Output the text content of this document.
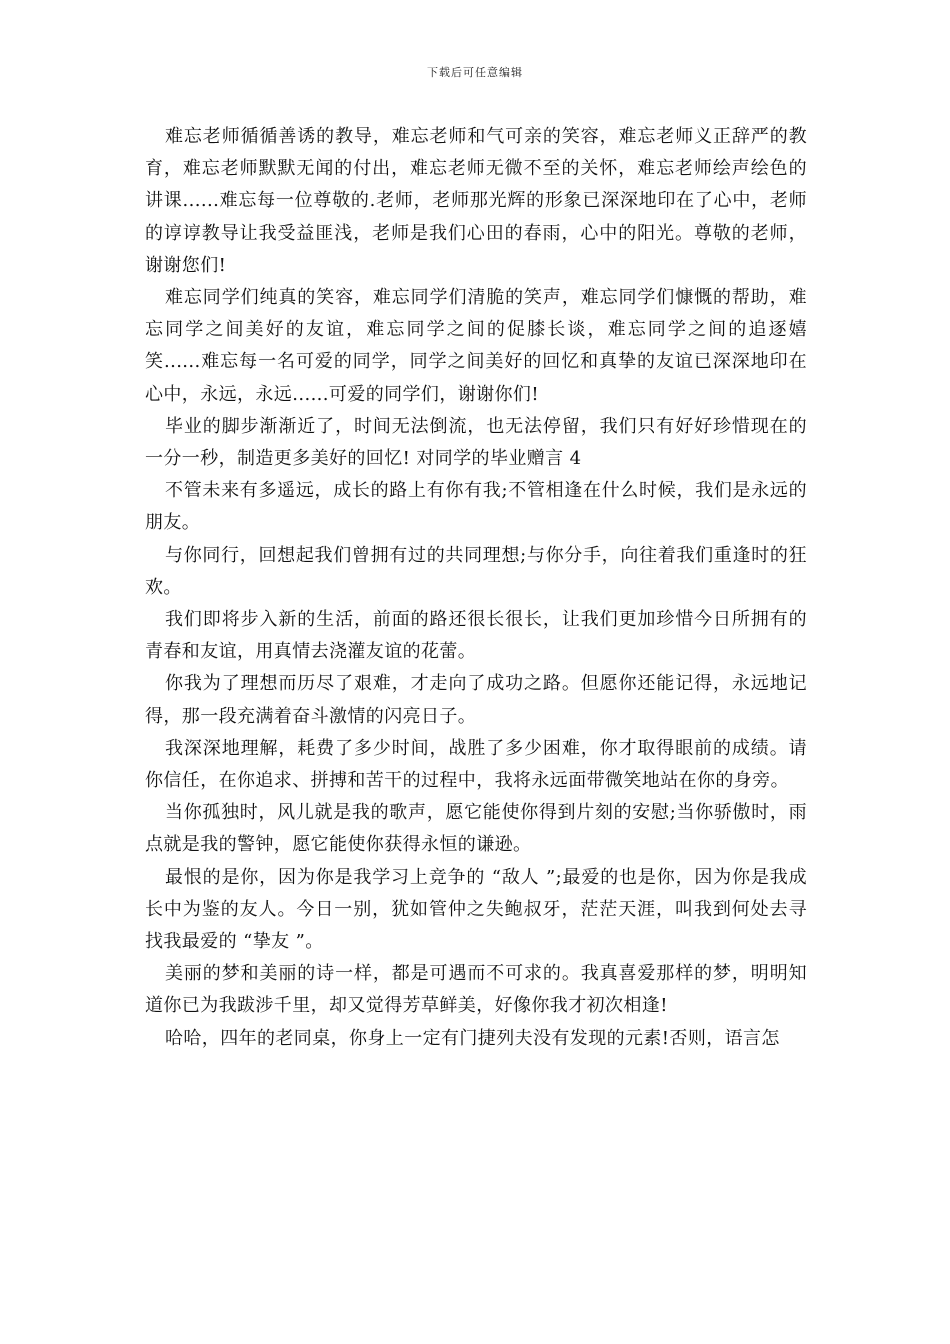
下载后可任意编辑

难忘老师循循善诱的教导，难忘老师和气可亲的笑容，难忘老师义正辞严的教育，难忘老师默默无闻的付出，难忘老师无微不至的关怀，难忘老师绘声绘色的讲课......难忘每一位尊敬的.老师，老师那光辉的形象已深深地印在了心中，老师的谆谆教导让我受益匪浅，老师是我们心田的春雨，心中的阳光。尊敬的老师，谢谢您们!

难忘同学们纯真的笑容，难忘同学们清脆的笑声，难忘同学们慷慨的帮助，难忘同学之间美好的友谊，难忘同学之间的促膝长谈，难忘同学之间的追逐嬉笑......难忘每一名可爱的同学，同学之间美好的回忆和真挚的友谊已深深地印在心中，永远，永远......可爱的同学们，谢谢你们!

毕业的脚步渐渐近了，时间无法倒流，也无法停留，我们只有好好珍惜现在的一分一秒，制造更多美好的回忆! 对同学的毕业赠言 4

不管未来有多遥远，成长的路上有你有我;不管相逢在什么时候，我们是永远的朋友。

与你同行，回想起我们曾拥有过的共同理想;与你分手，向往着我们重逢时的狂欢。

我们即将步入新的生活，前面的路还很长很长，让我们更加珍惜今日所拥有的青春和友谊，用真情去浇灌友谊的花蕾。

你我为了理想而历尽了艰难，才走向了成功之路。但愿你还能记得，永远地记得，那一段充满着奋斗激情的闪亮日子。

我深深地理解，耗费了多少时间，战胜了多少困难，你才取得眼前的成绩。请你信任，在你追求、拼搏和苦干的过程中，我将永远面带微笑地站在你的身旁。

当你孤独时，风儿就是我的歌声，愿它能使你得到片刻的安慰;当你骄傲时，雨点就是我的警钟，愿它能使你获得永恒的谦逊。

最恨的是你，因为你是我学习上竞争的 “敌人 ”;最爱的也是你，因为你是我成长中为鉴的友人。今日一别，犹如管仲之失鲍叔牙，茫茫天涯，叫我到何处去寻找我最爱的 “挚友 ”。

美丽的梦和美丽的诗一样，都是可遇而不可求的。我真喜爱那样的梦，明明知道你已为我跋涉千里，却又觉得芳草鲜美，好像你我才初次相逢!

哈哈，四年的老同桌，你身上一定有门捷列夫没有发现的元素!否则，语言怎
